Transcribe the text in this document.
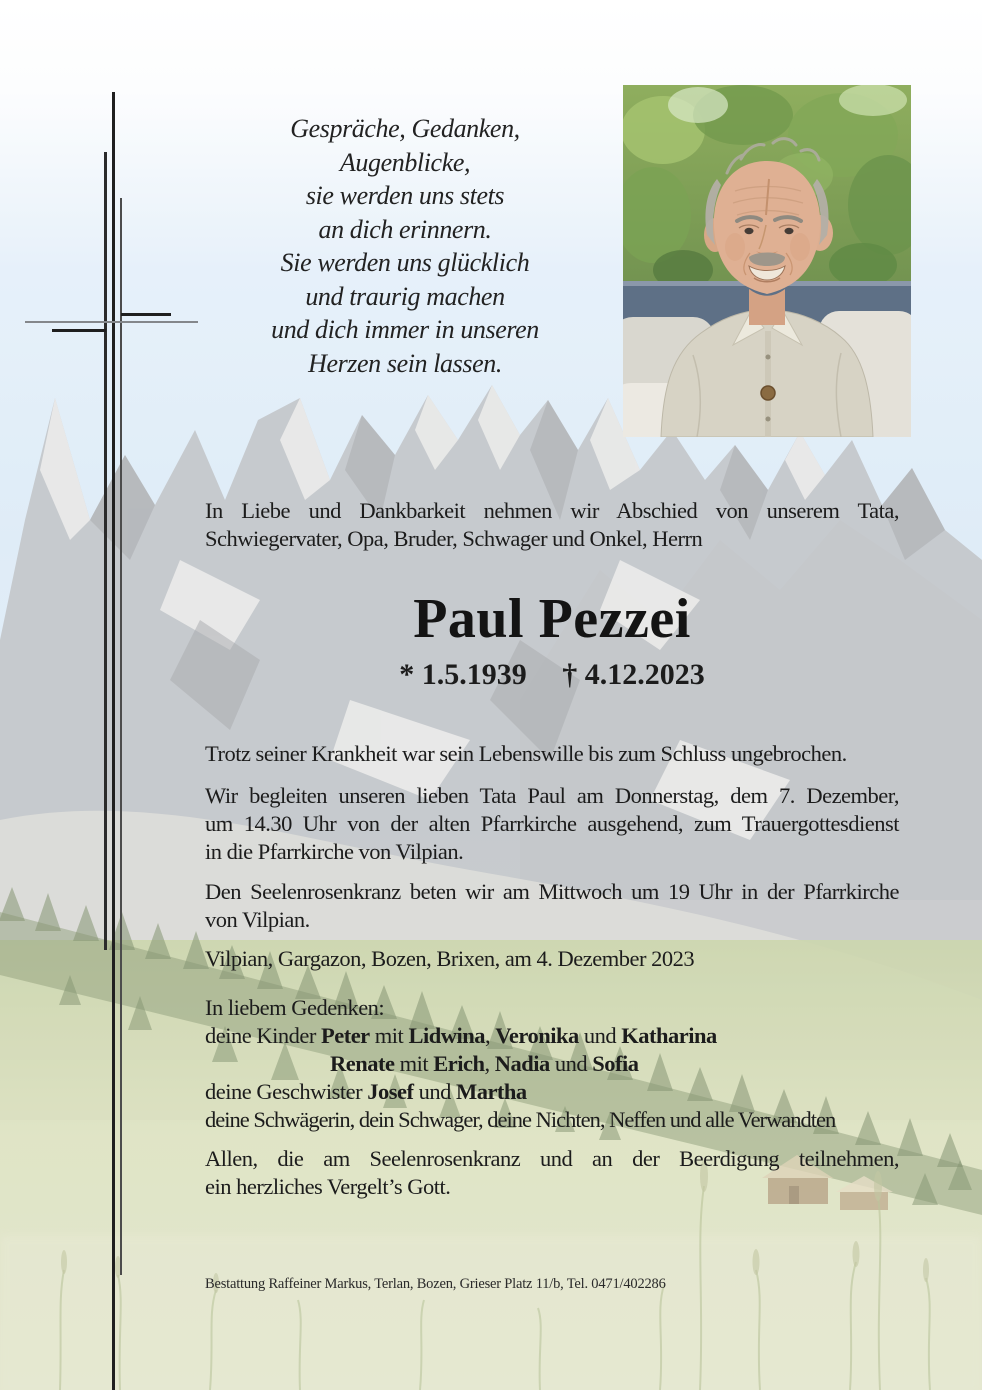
Gespräche, Gedanken,
Augenblicke,
sie werden uns stets
an dich erinnern.
Sie werden uns glücklich
und traurig machen
und dich immer in unseren
Herzen sein lassen.
In Liebe und Dankbarkeit nehmen wir Abschied von unserem Tata,
Schwiegervater, Opa, Bruder, Schwager und Onkel, Herrn
Paul Pezzei
* 1.5.1939 † 4.12.2023
Trotz seiner Krankheit war sein Lebenswille bis zum Schluss ungebrochen.
Wir begleiten unseren lieben Tata Paul am Donnerstag, dem 7. Dezember,
um 14.30 Uhr von der alten Pfarrkirche ausgehend, zum Trauergottesdienst
in die Pfarrkirche von Vilpian.
Den Seelenrosenkranz beten wir am Mittwoch um 19 Uhr in der Pfarrkirche
von Vilpian.
Vilpian, Gargazon, Bozen, Brixen, am 4. Dezember 2023
In liebem Gedenken:
deine Kinder Peter mit Lidwina, Veronika und Katharina
Renate mit Erich, Nadia und Sofia
deine Geschwister Josef und Martha
deine Schwägerin, dein Schwager, deine Nichten, Neffen und alle Verwandten
Allen, die am Seelenrosenkranz und an der Beerdigung teilnehmen,
ein herzliches Vergelt’s Gott.
Bestattung Raffeiner Markus, Terlan, Bozen, Grieser Platz 11/b, Tel. 0471/402286
